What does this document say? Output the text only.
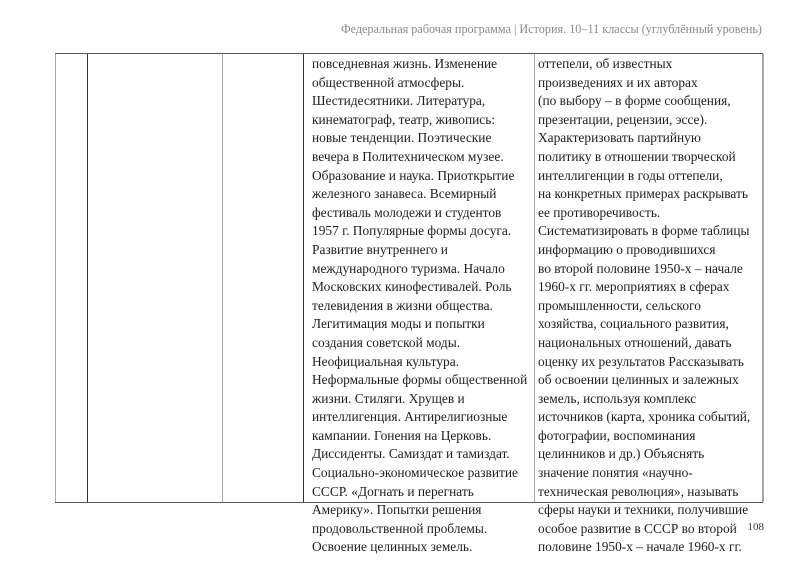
Федеральная рабочая программа | История. 10–11 классы (углублённый уровень)
повседневная жизнь. Изменение
общественной атмосферы.
Шестидесятники. Литература,
кинематограф, театр, живопись:
новые тенденции. Поэтические
вечера в Политехническом музее.
Образование и наука. Приоткрытие
железного занавеса. Всемирный
фестиваль молодежи и студентов
1957 г. Популярные формы досуга.
Развитие внутреннего и
международного туризма. Начало
Московских кинофестивалей. Роль
телевидения в жизни общества.
Легитимация моды и попытки
создания советской моды.
Неофициальная культура.
Неформальные формы общественной
жизни. Стиляги. Хрущев и
интеллигенция. Антирелигиозные
кампании. Гонения на Церковь.
Диссиденты. Самиздат и тамиздат.
Социально-экономическое развитие
СССР. «Догнать и перегнать
Америку». Попытки решения
продовольственной проблемы.
Освоение целинных земель.
оттепели, об известных
произведениях и их авторах
(по выбору – в форме сообщения,
презентации, рецензии, эссе).
Характеризовать партийную
политику в отношении творческой
интеллигенции в годы оттепели,
на конкретных примерах раскрывать
ее противоречивость.
Систематизировать в форме таблицы
информацию о проводившихся
во второй половине 1950-х – начале
1960-х гг. мероприятиях в сферах
промышленности, сельского
хозяйства, социального развития,
национальных отношений, давать
оценку их результатов Рассказывать
об освоении целинных и залежных
земель, используя комплекс
источников (карта, хроника событий,
фотографии, воспоминания
целинников и др.) Объяснять
значение понятия «научно-
техническая революция», называть
сферы науки и техники, получившие
особое развитие в СССР во второй
половине 1950-х – начале 1960-х гг.
108
